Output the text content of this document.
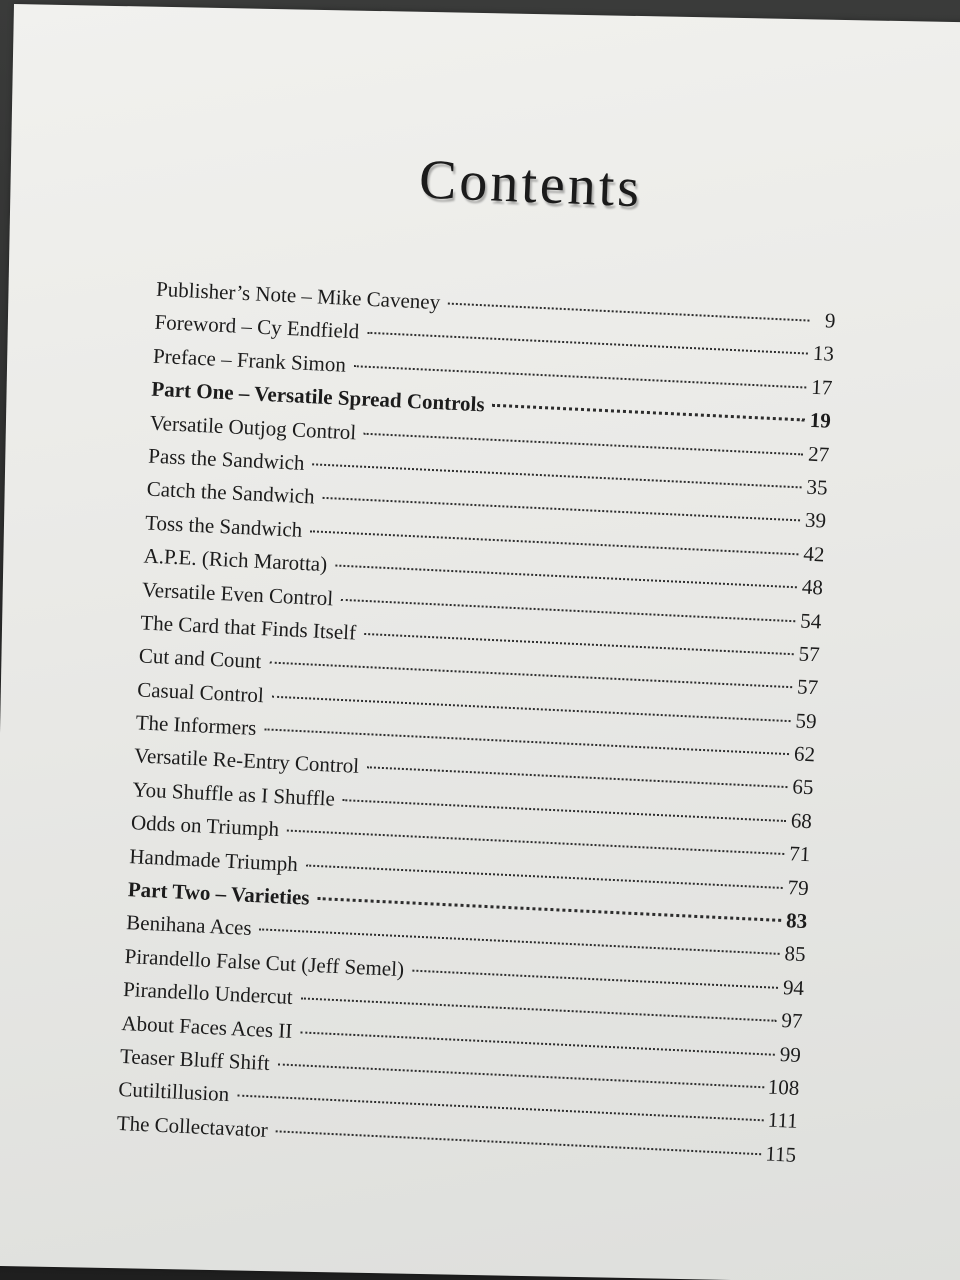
Contents
Publisher’s Note – Mike Caveney
9
Foreword – Cy Endfield
13
Preface – Frank Simon
17
Part One – Versatile Spread Controls
19
Versatile Outjog Control
27
Pass the Sandwich
35
Catch the Sandwich
39
Toss the Sandwich
42
A.P.E. (Rich Marotta)
48
Versatile Even Control
54
The Card that Finds Itself
57
Cut and Count
57
Casual Control
59
The Informers
62
Versatile Re-Entry Control
65
You Shuffle as I Shuffle
68
Odds on Triumph
71
Handmade Triumph
79
Part Two – Varieties
83
Benihana Aces
85
Pirandello False Cut (Jeff Semel)
94
Pirandello Undercut
97
About Faces Aces II
99
Teaser Bluff Shift
108
Cutiltillusion
111
The Collectavator
115
